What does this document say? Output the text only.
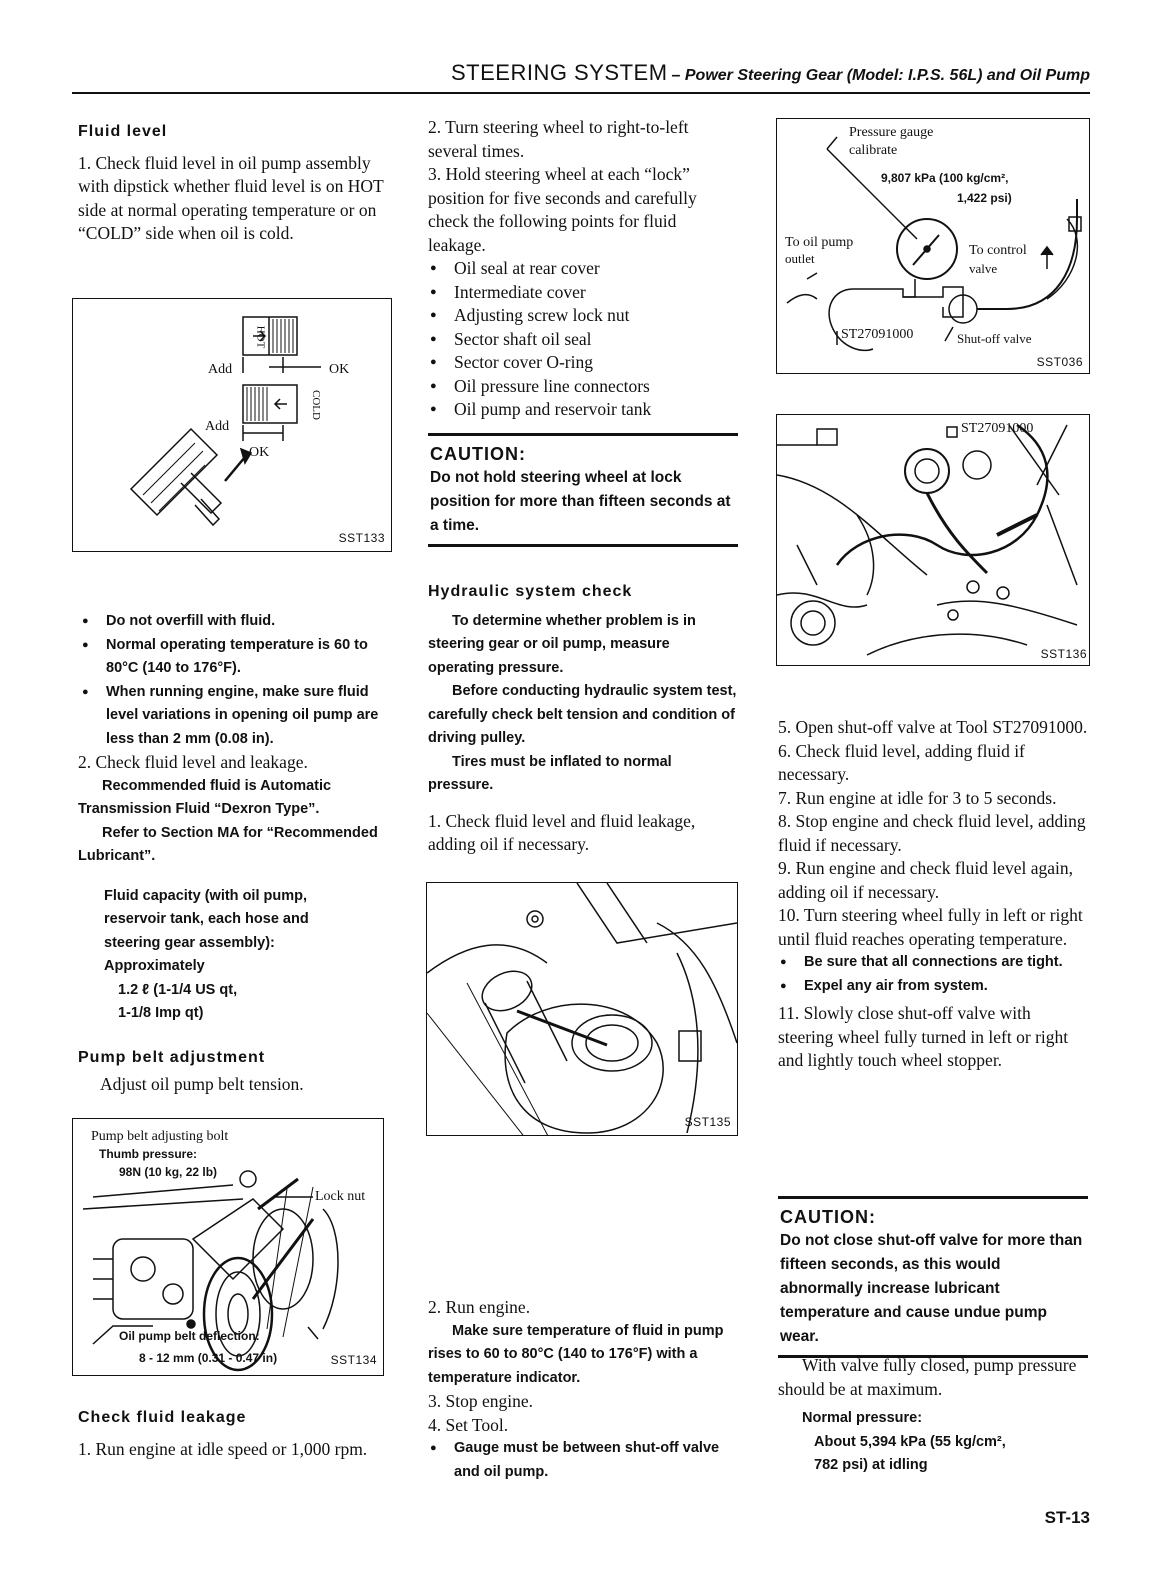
STEERING SYSTEM – Power Steering Gear (Model: I.P.S. 56L) and Oil Pump

Fluid level

1. Check fluid level in oil pump assembly with dipstick whether fluid level is on HOT side at normal operating temperature or on “COLD” side when oil is cold.

Add	OK
Add
OK
HOT
COLD
SST133

● Do not overfill with fluid.

● Normal operating temperature is 60 to 80°C (140 to 176°F).

● When running engine, make sure fluid level variations in opening oil pump are less than 2 mm (0.08 in).

2. Check fluid level and leakage.

Recommended fluid is Automatic Transmission Fluid “Dexron Type”.

Refer to Section MA for “Recommended Lubricant”.

Fluid capacity (with oil pump,

reservoir tank, each hose and

steering gear assembly):

Approximately

1.2 ℓ (1-1/4 US qt,

1-1/8 Imp qt)

Pump belt adjustment

Adjust oil pump belt tension.

Pump belt adjusting bolt
Thumb pressure:
98N (10 kg, 22 lb)
Lock nut
Oil pump belt deflection:
8 - 12 mm (0.31 - 0.47 in)	SST134

Check fluid leakage

1. Run engine at idle speed or 1,000 rpm.

2. Turn steering wheel to right-to-left several times.

3. Hold steering wheel at each “lock” position for five seconds and carefully check the following points for fluid leakage.

● Oil seal at rear cover

● Intermediate cover

● Adjusting screw lock nut

● Sector shaft oil seal

● Sector cover O-ring

● Oil pressure line connectors

● Oil pump and reservoir tank

CAUTION:
Do not hold steering wheel at lock position for more than fifteen seconds at a time.

Hydraulic system check

To determine whether problem is in steering gear or oil pump, measure operating pressure.

Before conducting hydraulic system test, carefully check belt tension and condition of driving pulley.

Tires must be inflated to normal pressure.

1. Check fluid level and fluid leakage, adding oil if necessary.

SST135

2. Run engine.

Make sure temperature of fluid in pump rises to 60 to 80°C (140 to 176°F) with a temperature indicator.

3. Stop engine.

4. Set Tool.

● Gauge must be between shut-off valve and oil pump.

Pressure gauge
calibrate
9,807 kPa (100 kg/cm²,
1,422 psi)
To oil pump
outlet
To control
valve
ST27091000	Shut-off valve
SST036
ST27091000
SST136

5. Open shut-off valve at Tool ST27091000.

6. Check fluid level, adding fluid if necessary.

7. Run engine at idle for 3 to 5 seconds.

8. Stop engine and check fluid level, adding fluid if necessary.

9. Run engine and check fluid level again, adding oil if necessary.

10. Turn steering wheel fully in left or right until fluid reaches operating temperature.

● Be sure that all connections are tight.

● Expel any air from system.

11. Slowly close shut-off valve with steering wheel fully turned in left or right and lightly touch wheel stopper.

CAUTION:
Do not close shut-off valve for more than fifteen seconds, as this would abnormally increase lubricant temperature and cause undue pump wear.

With valve fully closed, pump pressure should be at maximum.

Normal pressure:

About 5,394 kPa (55 kg/cm²,

782 psi) at idling

ST-13
